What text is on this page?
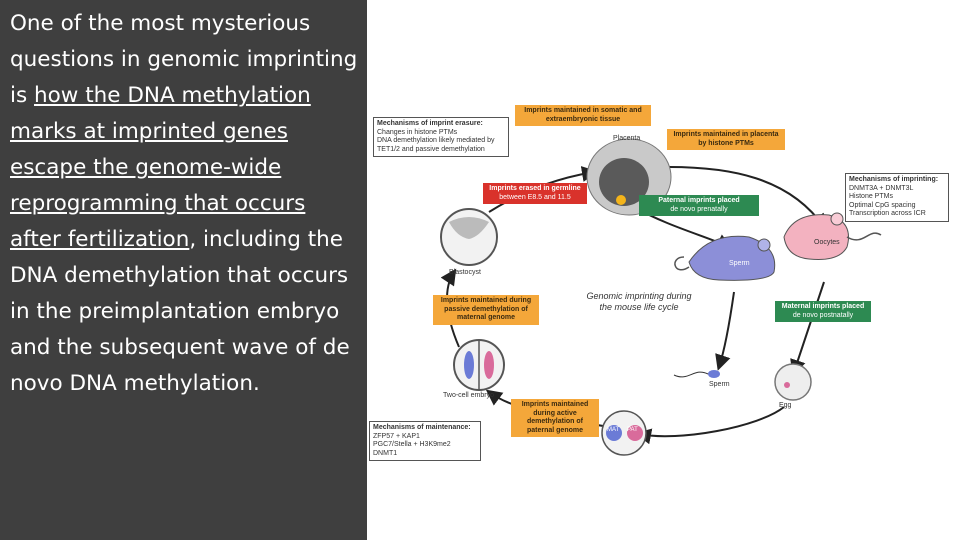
One of the most mysterious questions in genomic imprinting is how the DNA methylation marks at imprinted genes escape the genome-wide reprogramming that occurs after fertilization, including the DNA demethylation that occurs in the preimplantation embryo and the subsequent wave of de novo DNA methylation.

Mechanisms of imprint erasure:
Changes in histone PTMs
DNA demethylation likely mediated by TET1/2 and passive demethylation
Imprints maintained in somatic and extraembryonic tissue
Imprints maintained in placenta by histone PTMs
Imprints erased in germline
between E8.5 and 11.5	Paternal imprints placed
de novo prenatally
Mechanisms of imprinting:
DNMT3A + DNMT3L
Histone PTMs
Optimal CpG spacing
Transcription across ICR
Imprints maintained during passive demethylation of maternal genome
Maternal imprints placed
de novo postnatally
Imprints maintained during active demethylation of paternal genome
Mechanisms of maintenance:
ZFP57 + KAP1
PGC7/Stella + H3K9me2
DNMT1
Genomic imprinting during the mouse life cycle
Placenta
Blastocyst
Two-cell embryo
Sperm
Egg
Oocytes
Sperm
MAT PAT
